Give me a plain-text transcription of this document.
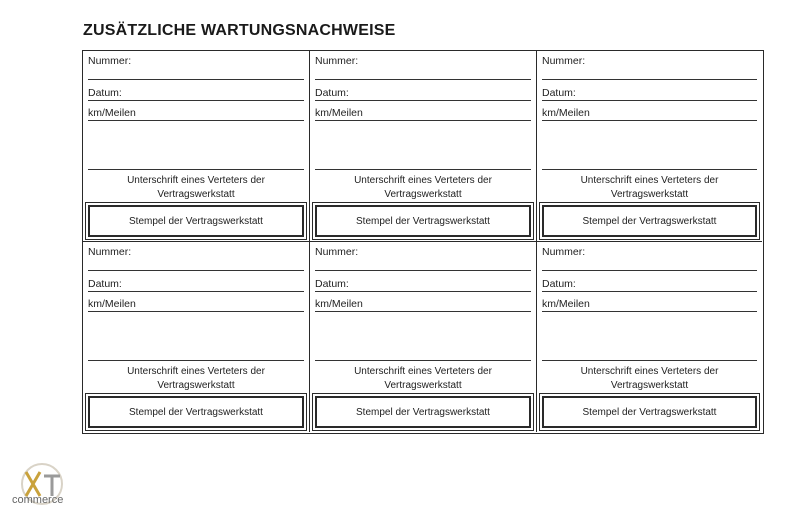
ZUSÄTZLICHE WARTUNGSNACHWEISE
Nummer:
Datum:
km/Meilen
Unterschrift eines Verteters der
Vertragswerkstatt
Stempel der Vertragswerkstatt
Nummer:
Datum:
km/Meilen
Unterschrift eines Verteters der
Vertragswerkstatt
Stempel der Vertragswerkstatt
Nummer:
Datum:
km/Meilen
Unterschrift eines Verteters der
Vertragswerkstatt
Stempel der Vertragswerkstatt
Nummer:
Datum:
km/Meilen
Unterschrift eines Verteters der
Vertragswerkstatt
Stempel der Vertragswerkstatt
Nummer:
Datum:
km/Meilen
Unterschrift eines Verteters der
Vertragswerkstatt
Stempel der Vertragswerkstatt
Nummer:
Datum:
km/Meilen
Unterschrift eines Verteters der
Vertragswerkstatt
Stempel der Vertragswerkstatt
commerce
